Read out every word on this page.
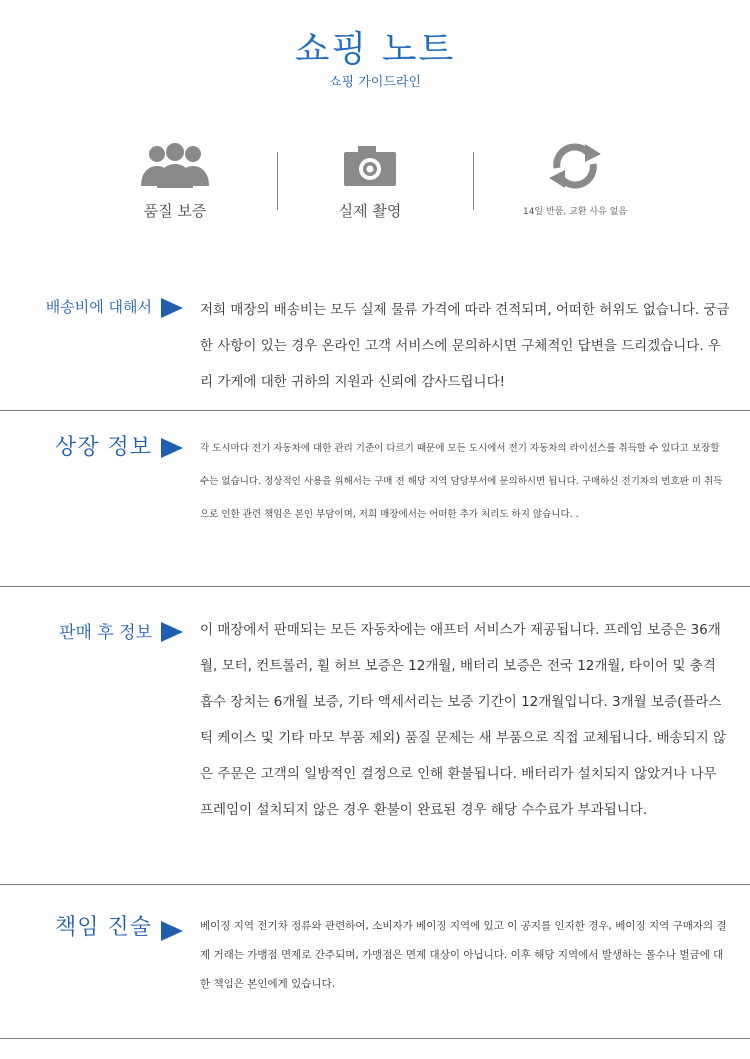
쇼핑 노트
쇼핑 가이드라인
품질 보증	실제 촬영	14일 반품, 교환 사유 없음
배송비에 대해서	저희 매장의 배송비는 모두 실제 물류 가격에 따라 견적되며, 어떠한 허위도 없습니다. 궁금한 사항이 있는 경우 온라인 고객 서비스에 문의하시면 구체적인 답변을 드리겠습니다. 우리 가게에 대한 귀하의 지원과 신뢰에 감사드립니다!
상장 정보	각 도시마다 전기 자동차에 대한 관리 기준이 다르기 때문에 모든 도시에서 전기 자동차의 라이선스를 취득할 수 있다고 보장할 수는 없습니다. 정상적인 사용을 위해서는 구매 전 해당 지역 담당부서에 문의하시면 됩니다. 구매하신 전기차의 번호판 미 취득으로 인한 관련 책임은 본인 부담이며, 저희 매장에서는 어떠한 추가 처리도 하지 않습니다. .
판매 후 정보	이 매장에서 판매되는 모든 자동차에는 애프터 서비스가 제공됩니다. 프레임 보증은 36개월, 모터, 컨트롤러, 휠 허브 보증은 12개월, 배터리 보증은 전국 12개월, 타이어 및 충격 흡수 장치는 6개월 보증, 기타 액세서리는 보증 기간이 12개월입니다. 3개월 보증(플라스틱 케이스 및 기타 마모 부품 제외) 품질 문제는 새 부품으로 직접 교체됩니다. 배송되지 않은 주문은 고객의 일방적인 결정으로 인해 환불됩니다. 배터리가 설치되지 않았거나 나무 프레임이 설치되지 않은 경우 환불이 완료된 경우 해당 수수료가 부과됩니다.
책임 진술	베이징 지역 전기차 정류와 관련하여, 소비자가 베이징 지역에 있고 이 공지를 인지한 경우, 베이징 지역 구매자의 결제 거래는 가맹점 면제로 간주되며, 가맹점은 면제 대상이 아닙니다. 이후 해당 지역에서 발생하는 몰수나 벌금에 대한 책임은 본인에게 있습니다.
